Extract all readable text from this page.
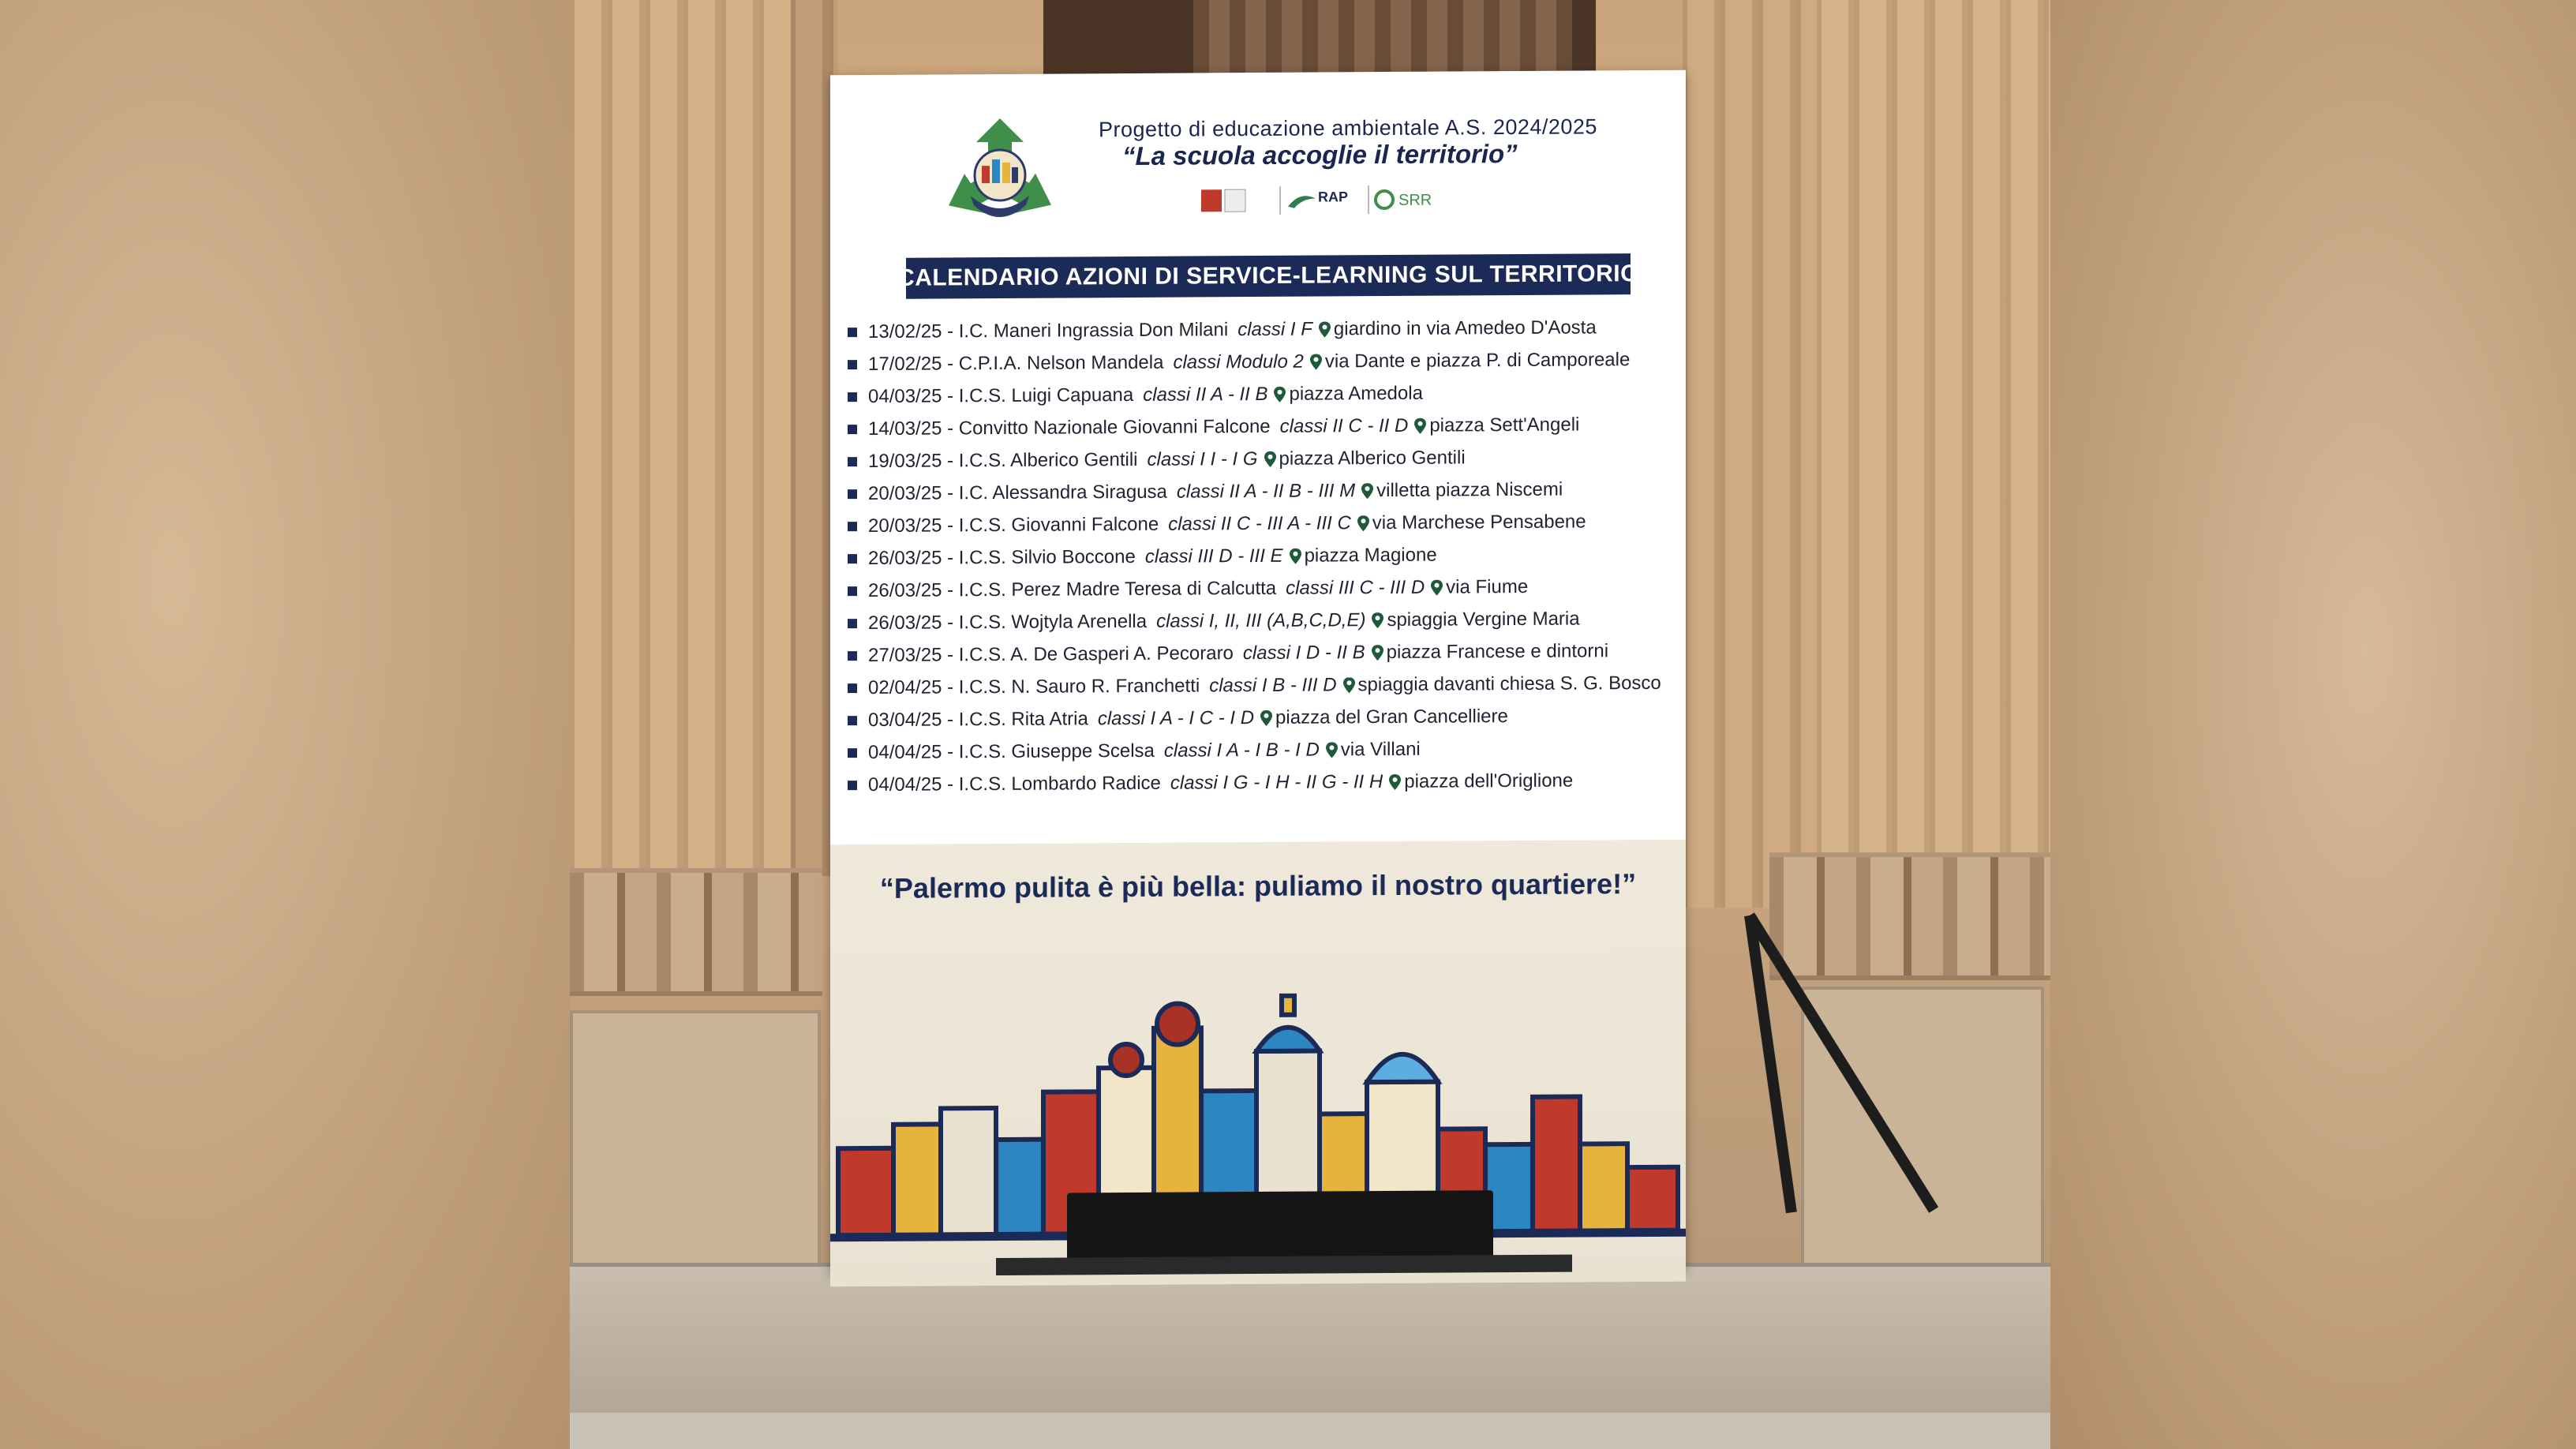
Progetto di educazione ambientale A.S. 2024/2025
“La scuola accoglie il territorio”
RAP	SRR
CALENDARIO AZIONI DI SERVICE-LEARNING SUL TERRITORIO
13/02/25 - I.C. Maneri Ingrassia Don Milani classi I F giardino in via Amedeo D'Aosta
17/02/25 - C.P.I.A. Nelson Mandela classi Modulo 2 via Dante e piazza P. di Camporeale
04/03/25 - I.C.S. Luigi Capuana classi II A - II B piazza Amedola
14/03/25 - Convitto Nazionale Giovanni Falcone classi II C - II D piazza Sett'Angeli
19/03/25 - I.C.S. Alberico Gentili classi I I - I G piazza Alberico Gentili
20/03/25 - I.C. Alessandra Siragusa classi II A - II B - III M villetta piazza Niscemi
20/03/25 - I.C.S. Giovanni Falcone classi II C - III A - III C via Marchese Pensabene
26/03/25 - I.C.S. Silvio Boccone classi III D - III E piazza Magione
26/03/25 - I.C.S. Perez Madre Teresa di Calcutta classi III C - III D via Fiume
26/03/25 - I.C.S. Wojtyla Arenella classi I, II, III (A,B,C,D,E) spiaggia Vergine Maria
27/03/25 - I.C.S. A. De Gasperi A. Pecoraro classi I D - II B piazza Francese e dintorni
02/04/25 - I.C.S. N. Sauro R. Franchetti classi I B - III D spiaggia davanti chiesa S. G. Bosco
03/04/25 - I.C.S. Rita Atria classi I A - I C - I D piazza del Gran Cancelliere
04/04/25 - I.C.S. Giuseppe Scelsa classi I A - I B - I D via Villani
04/04/25 - I.C.S. Lombardo Radice classi I G - I H - II G - II H piazza dell'Origlione
“Palermo pulita è più bella: puliamo il nostro quartiere!”
